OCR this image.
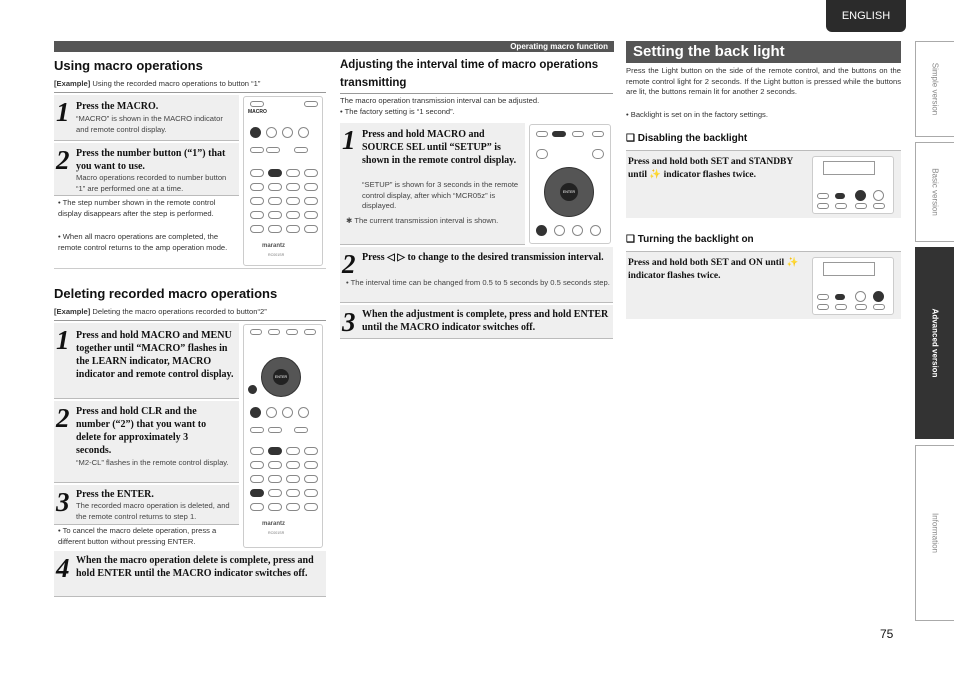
ENGLISH
Operating macro function
Using macro operations
[Example] Using the recorded macro operations to button “1”
1 Press the MACRO.
“MACRO” is shown in the MACRO indicator and remote control display.
2 Press the number button (“1”) that you want to use.
Macro operations recorded to number button “1” are performed one at a time.
• The step number shown in the remote control display disappears after the step is performed.
• When all macro operations are completed, the remote control returns to the amp operation mode.
MACRO
marantz
RC001SR
Deleting recorded macro operations
[Example] Deleting the macro operations recorded to button“2”
1 Press and hold MACRO and MENU together until “MACRO” flashes in the LEARN indicator, MACRO indicator and remote control display.
2 Press and hold CLR and the number (“2”) that you want to delete for approximately 3 seconds.
“M2-CL” flashes in the remote control display.
3 Press the ENTER.
The recorded macro operation is deleted, and the remote control returns to step 1.
• To cancel the macro delete operation, press a different button without pressing ENTER.
ENTER
marantz
RC001SR
4 When the macro operation delete is complete, press and hold ENTER until the MACRO indicator switches off.
Adjusting the interval time of macro operations transmitting
The macro operation transmission interval can be adjusted.
• The factory setting is “1 second”.
1 Press and hold MACRO and SOURCE SEL until “SETUP” is shown in the remote control display.
“SETUP” is shown for 3 seconds in the remote control display, after which “MCR05z” is displayed.
✱ The current transmission interval is shown.
ENTER
2 Press ◁ ▷ to change to the desired transmission interval.
• The interval time can be changed from 0.5 to 5 seconds by 0.5 seconds step.
3 When the adjustment is complete, press and hold ENTER until the MACRO indicator switches off.
Setting the back light
Press the Light button on the side of the remote control, and the buttons on the remote control light for 2 seconds. If the Light button is pressed while the buttons are lit, the buttons remain lit for another 2 seconds.
• Backlight is set on in the factory settings.
❑ Disabling the backlight
Press and hold both SET and STANDBY until ✨ indicator flashes twice.
❑ Turning the backlight on
Press and hold both SET and ON until ✨ indicator flashes twice.
Simple version
Basic version
Advanced version
Information
75
